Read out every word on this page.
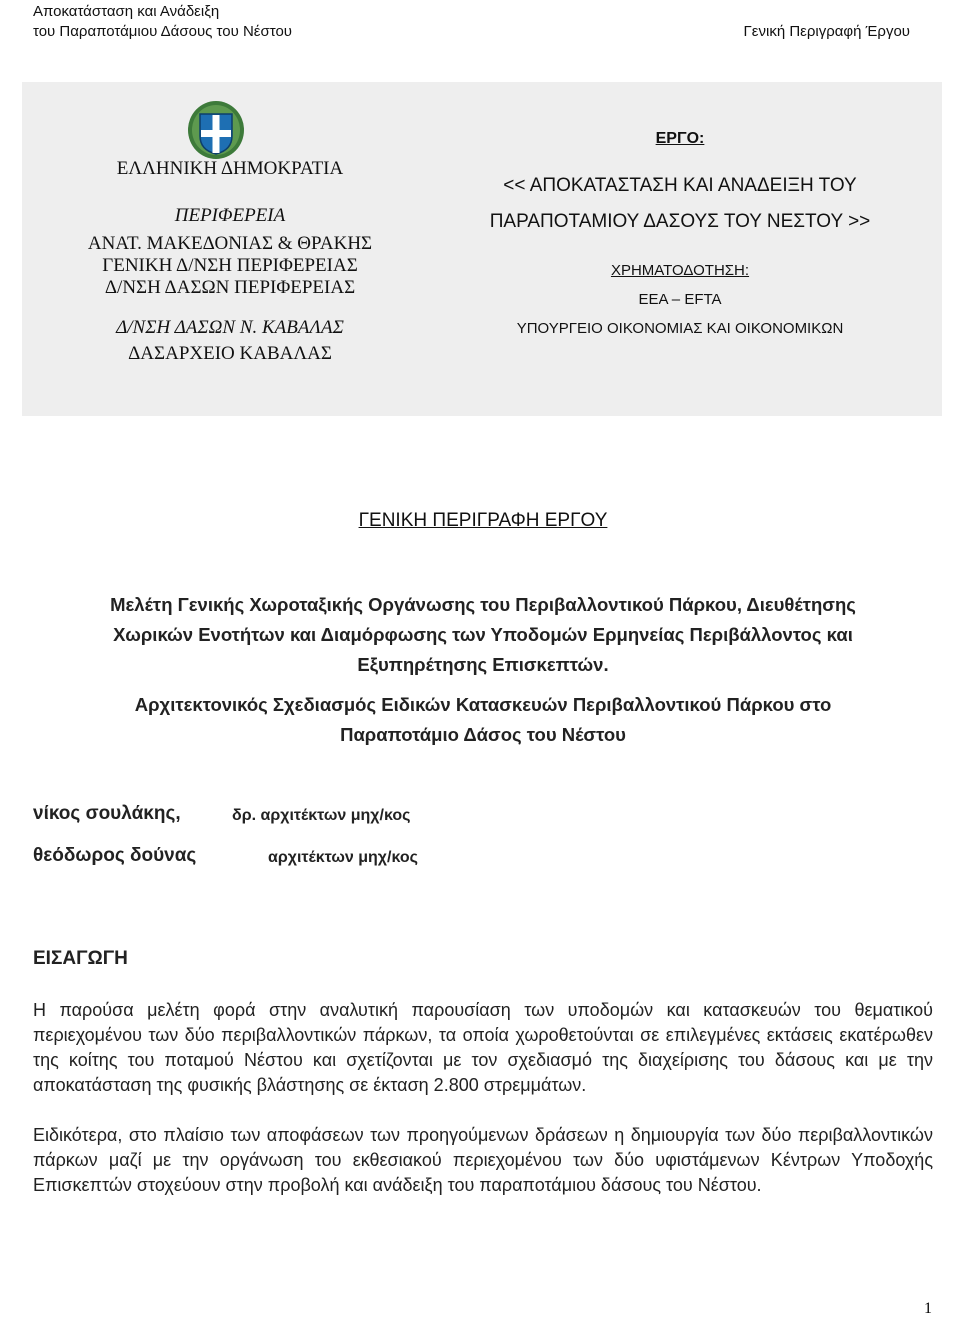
Αποκατάσταση και Ανάδειξη
του Παραποτάμιου Δάσους του Νέστου	Γενική Περιγραφή Έργου
ΕΛΛΗΝΙΚΗ ΔΗΜΟΚΡΑΤΙΑ
ΠΕΡΙΦΕΡΕΙΑ
ΑΝΑΤ. ΜΑΚΕΔΟΝΙΑΣ & ΘΡΑΚΗΣ
ΓΕΝΙΚΗ Δ/ΝΣΗ ΠΕΡΙΦΕΡΕΙΑΣ
Δ/ΝΣΗ ΔΑΣΩΝ ΠΕΡΙΦΕΡΕΙΑΣ
Δ/ΝΣΗ ΔΑΣΩΝ Ν. ΚΑΒΑΛΑΣ
ΔΑΣΑΡΧΕΙΟ ΚΑΒΑΛΑΣ
ΕΡΓΟ:
<< ΑΠΟΚΑΤΑΣΤΑΣΗ ΚΑΙ ΑΝΑΔΕΙΞΗ ΤΟΥ
ΠΑΡΑΠΟΤΑΜΙΟΥ ΔΑΣΟΥΣ ΤΟΥ ΝΕΣΤΟΥ >>
ΧΡΗΜΑΤΟΔΟΤΗΣΗ:
ΕΕΑ – EFTA
ΥΠΟΥΡΓΕΙΟ ΟΙΚΟΝΟΜΙΑΣ ΚΑΙ ΟΙΚΟΝΟΜΙΚΩΝ
ΓΕΝΙΚΗ ΠΕΡΙΓΡΑΦΗ ΕΡΓΟΥ
Μελέτη Γενικής Χωροταξικής Οργάνωσης του Περιβαλλοντικού Πάρκου, Διευθέτησης
Χωρικών Ενοτήτων και Διαμόρφωσης των Υποδομών Ερμηνείας Περιβάλλοντος και
Εξυπηρέτησης Επισκεπτών.
Αρχιτεκτονικός Σχεδιασμός Ειδικών Κατασκευών Περιβαλλοντικού Πάρκου στο
Παραποτάμιο Δάσος του Νέστου
νίκος σουλάκης,	δρ. αρχιτέκτων μηχ/κος
θεόδωρος δούνας	αρχιτέκτων μηχ/κος
ΕΙΣΑΓΩΓΗ
Η παρούσα μελέτη φορά στην αναλυτική παρουσίαση των υποδομών και κατασκευών του θεματικού περιεχομένου των δύο περιβαλλοντικών πάρκων, τα οποία χωροθετούνται σε επιλεγμένες εκτάσεις εκατέρωθεν της κοίτης του ποταμού Νέστου και σχετίζονται με τον σχεδιασμό της διαχείρισης του δάσους και με την αποκατάσταση της φυσικής βλάστησης σε έκταση 2.800 στρεμμάτων.
Ειδικότερα, στο πλαίσιο των αποφάσεων των προηγούμενων δράσεων η δημιουργία των δύο περιβαλλοντικών πάρκων μαζί με την οργάνωση του εκθεσιακού περιεχομένου των δύο υφιστάμενων Κέντρων Υποδοχής Επισκεπτών στοχεύουν στην προβολή και ανάδειξη του παραποτάμιου δάσους του Νέστου.
1
